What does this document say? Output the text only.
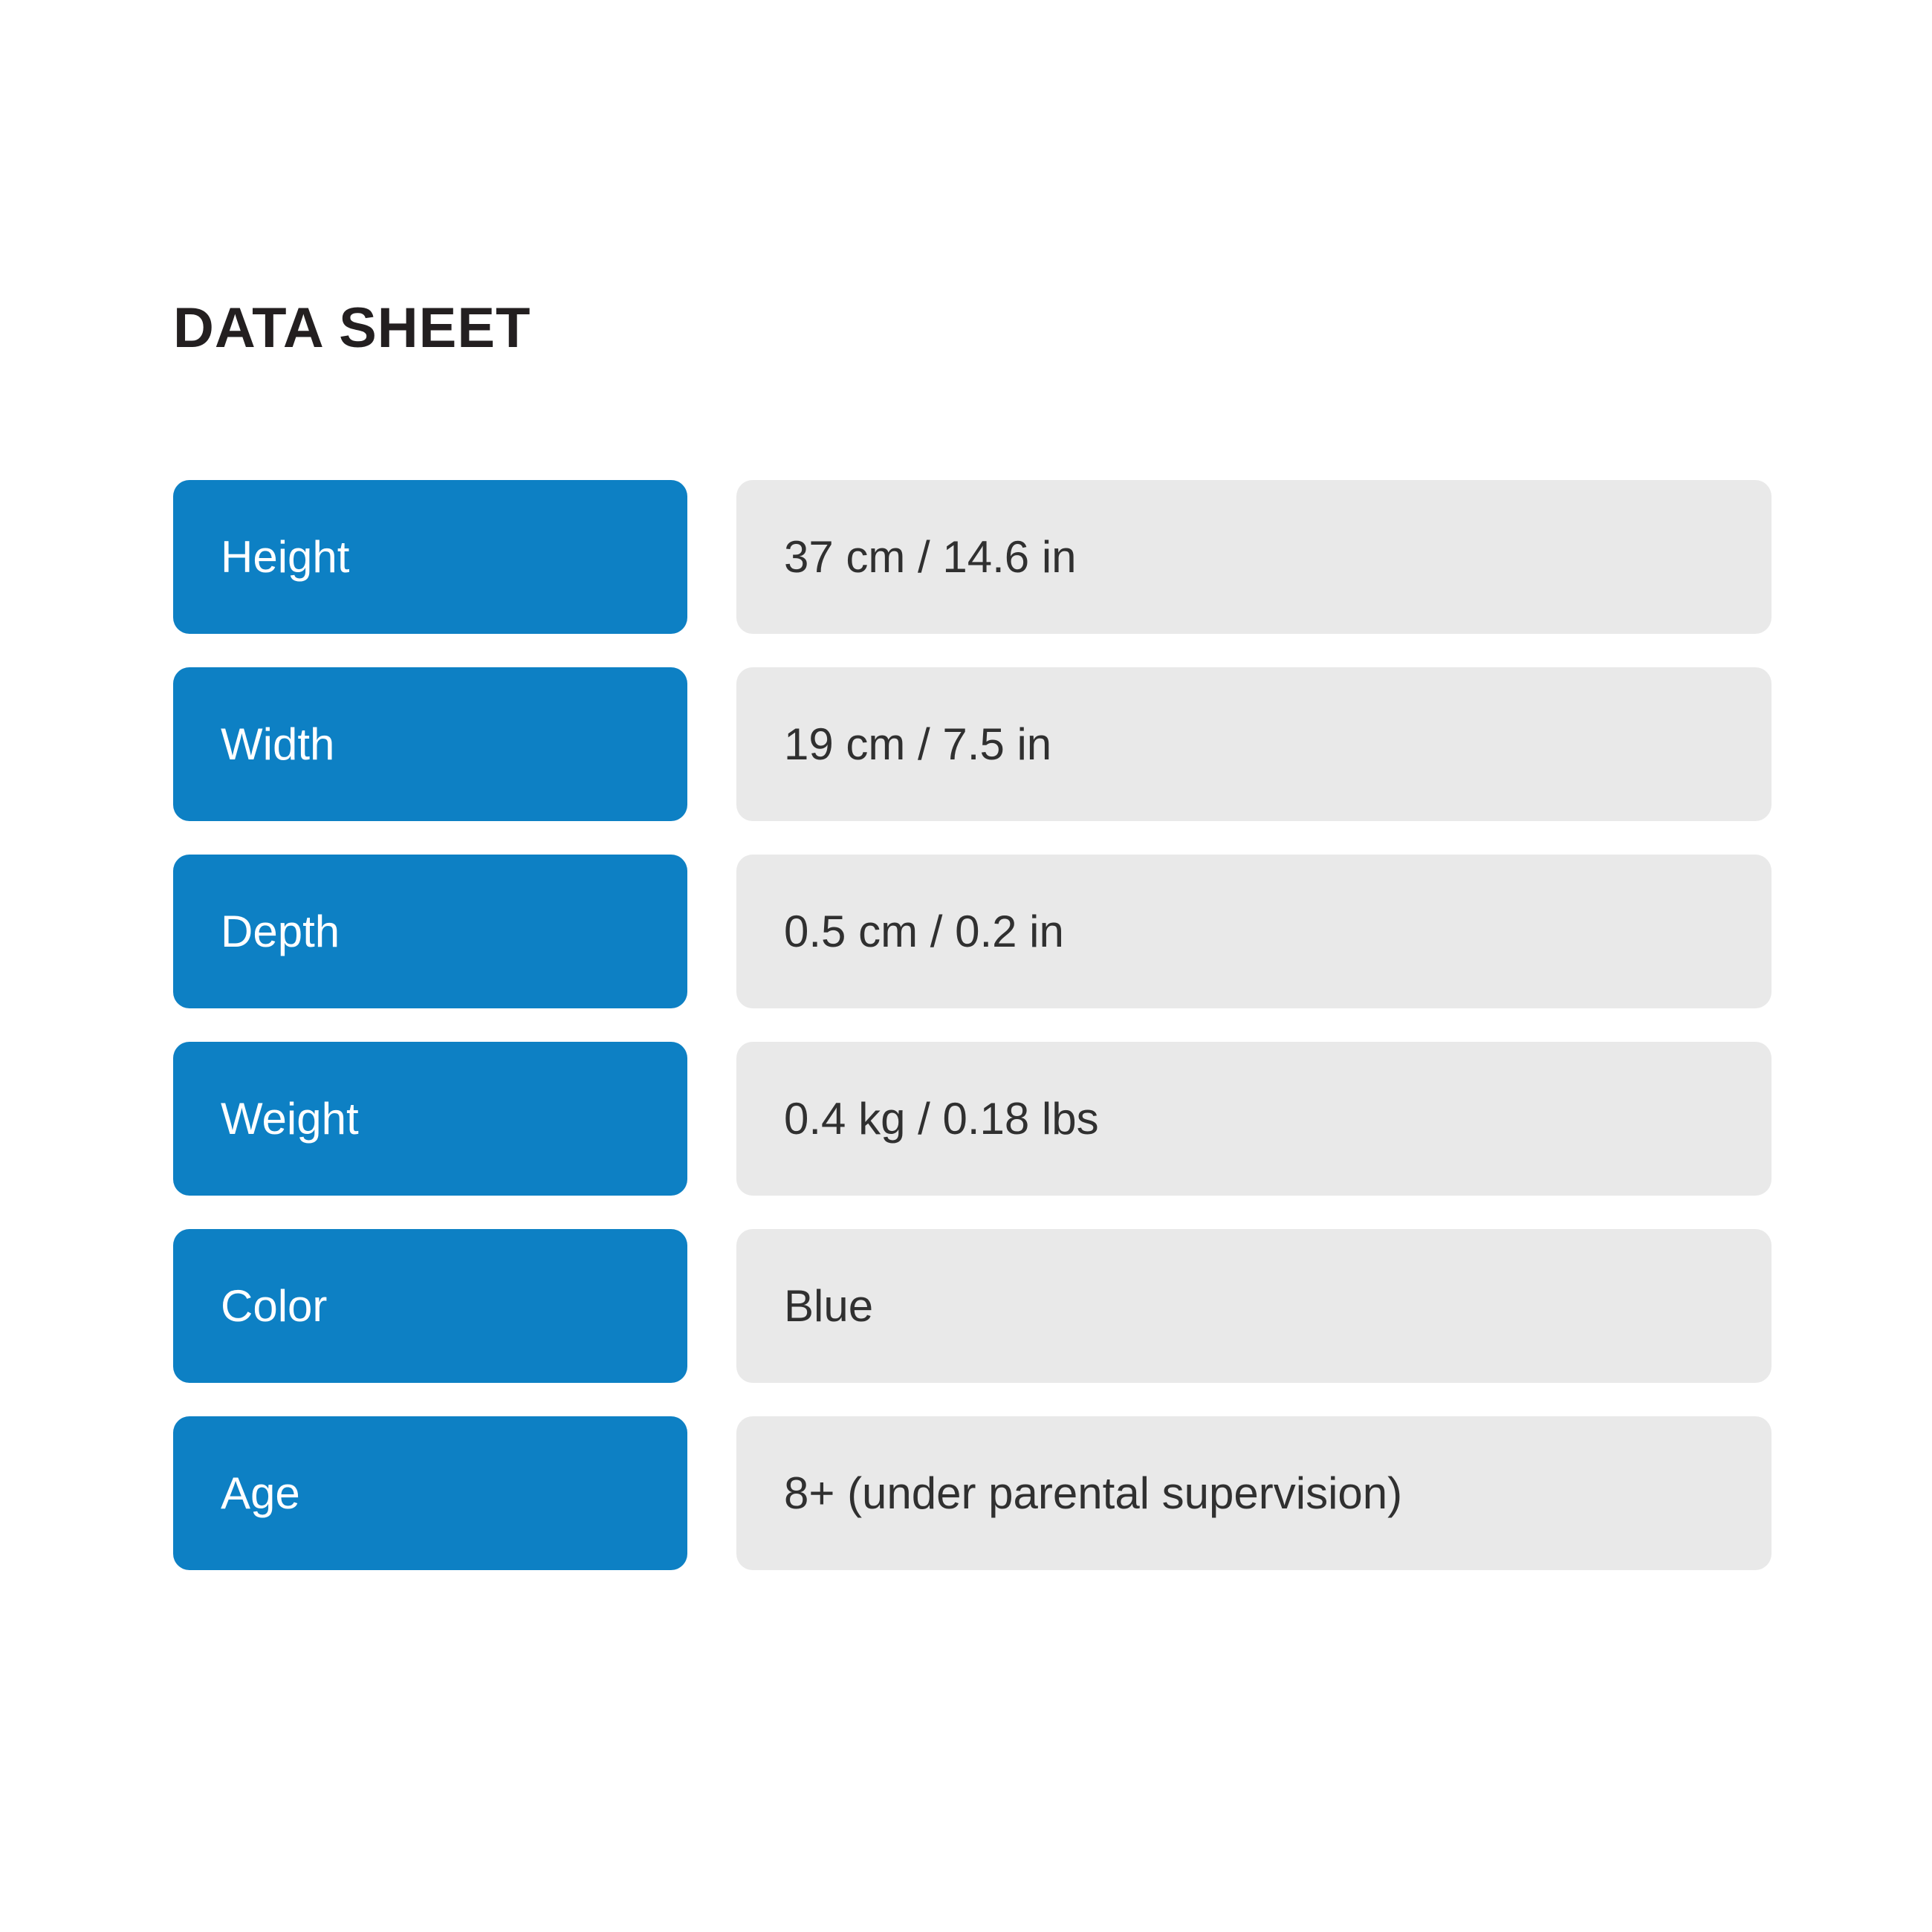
DATA SHEET
Height	37 cm / 14.6 in
Width	19 cm / 7.5 in
Depth	0.5 cm / 0.2 in
Weight	0.4 kg / 0.18 lbs
Color	Blue
Age	8+ (under parental supervision)
